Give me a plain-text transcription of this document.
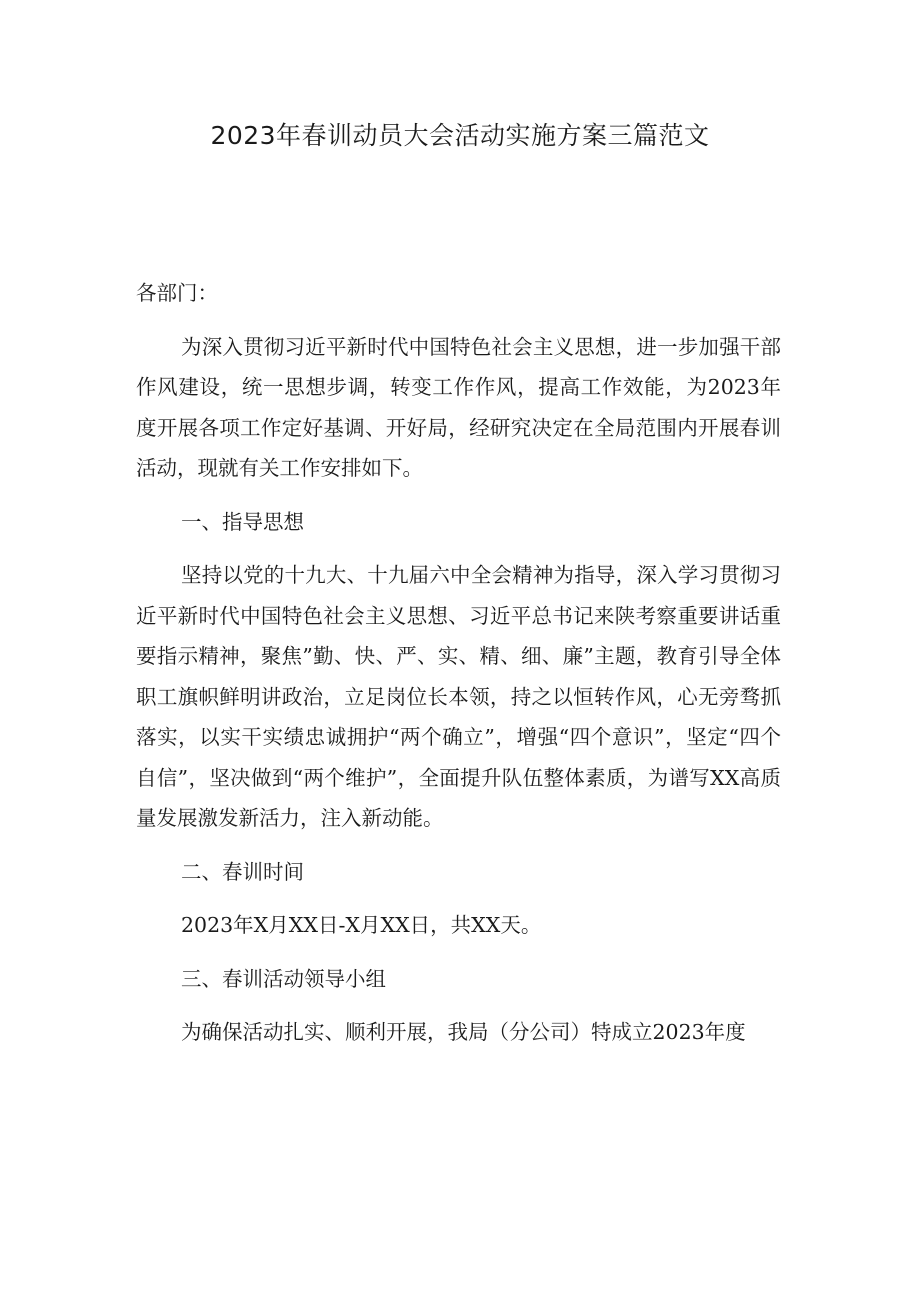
2023年春训动员大会活动实施方案三篇范文

各部门：

为深入贯彻习近平新时代中国特色社会主义思想，进一步加强干部作风建设，统一思想步调，转变工作作风，提高工作效能，为2023年度开展各项工作定好基调、开好局，经研究决定在全局范围内开展春训活动，现就有关工作安排如下。

一、指导思想

坚持以党的十九大、十九届六中全会精神为指导，深入学习贯彻习近平新时代中国特色社会主义思想、习近平总书记来陕考察重要讲话重要指示精神，聚焦”勤、快、严、实、精、细、廉”主题，教育引导全体职工旗帜鲜明讲政治，立足岗位长本领，持之以恒转作风，心无旁骛抓落实，以实干实绩忠诚拥护“两个确立”，增强“四个意识”，坚定“四个自信”，坚决做到“两个维护”，全面提升队伍整体素质，为谱写XX高质量发展激发新活力，注入新动能。

二、春训时间

2023年X月XX日-X月XX日，共XX天。

三、春训活动领导小组

为确保活动扎实、顺利开展，我局（分公司）特成立2023年度
